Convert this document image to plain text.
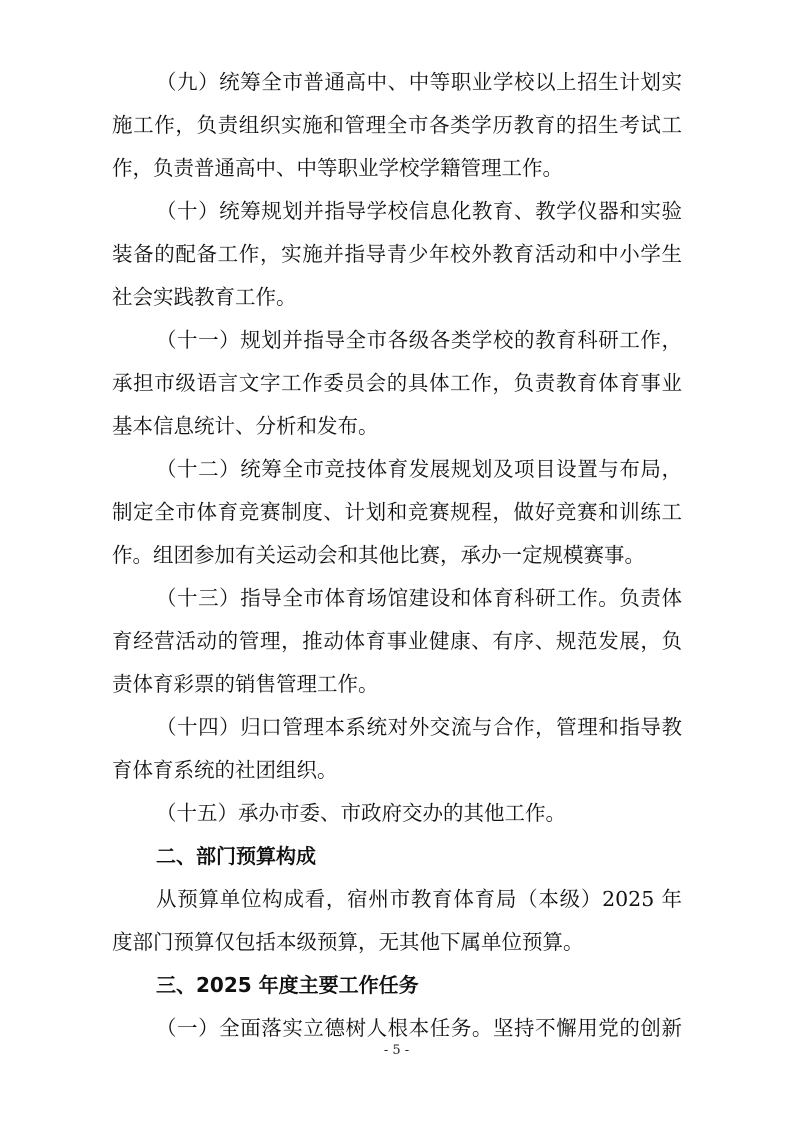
（九）统筹全市普通高中、中等职业学校以上招生计划实
施工作，负责组织实施和管理全市各类学历教育的招生考试工
作，负责普通高中、中等职业学校学籍管理工作。
（十）统筹规划并指导学校信息化教育、教学仪器和实验
装备的配备工作，实施并指导青少年校外教育活动和中小学生
社会实践教育工作。
（十一）规划并指导全市各级各类学校的教育科研工作，
承担市级语言文字工作委员会的具体工作，负责教育体育事业
基本信息统计、分析和发布。
（十二）统筹全市竞技体育发展规划及项目设置与布局，
制定全市体育竞赛制度、计划和竞赛规程，做好竞赛和训练工
作。组团参加有关运动会和其他比赛，承办一定规模赛事。
（十三）指导全市体育场馆建设和体育科研工作。负责体
育经营活动的管理，推动体育事业健康、有序、规范发展，负
责体育彩票的销售管理工作。
（十四）归口管理本系统对外交流与合作，管理和指导教
育体育系统的社团组织。
（十五）承办市委、市政府交办的其他工作。
二、部门预算构成
从预算单位构成看，宿州市教育体育局（本级）2025 年
度部门预算仅包括本级预算，无其他下属单位预算。
三、2025 年度主要工作任务
（一）全面落实立德树人根本任务。坚持不懈用党的创新
- 5 -
